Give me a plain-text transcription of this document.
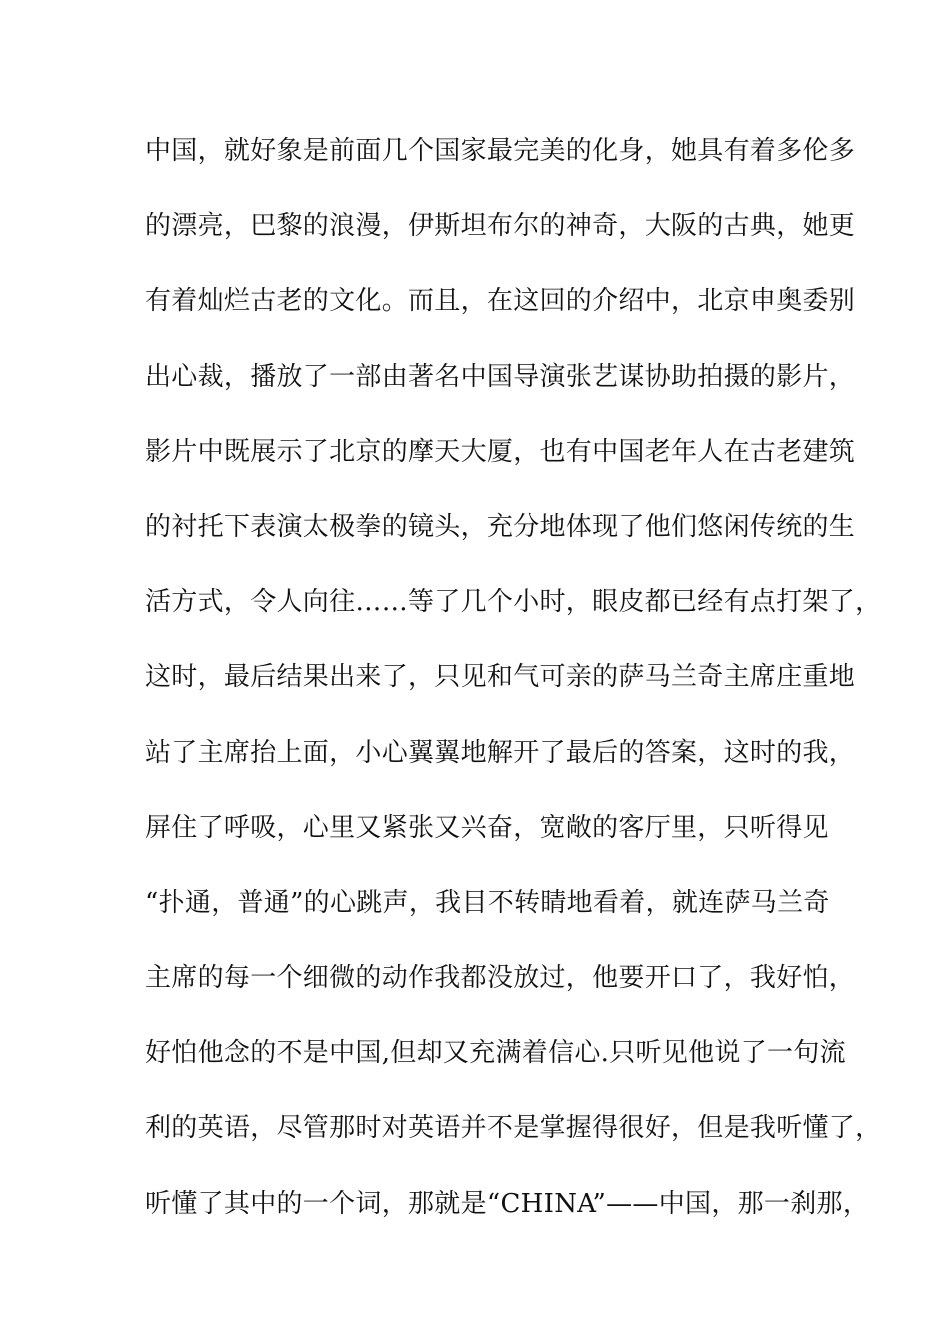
中国，就好象是前面几个国家最完美的化身，她具有着多伦多
的漂亮，巴黎的浪漫，伊斯坦布尔的神奇，大阪的古典，她更
有着灿烂古老的文化。而且，在这回的介绍中，北京申奥委别
出心裁，播放了一部由著名中国导演张艺谋协助拍摄的影片，
影片中既展示了北京的摩天大厦，也有中国老年人在古老建筑
的衬托下表演太极拳的镜头，充分地体现了他们悠闲传统的生
活方式，令人向往……等了几个小时，眼皮都已经有点打架了，
这时，最后结果出来了，只见和气可亲的萨马兰奇主席庄重地
站了主席抬上面，小心翼翼地解开了最后的答案，这时的我，
屏住了呼吸，心里又紧张又兴奋，宽敞的客厅里，只听得见
“扑通，普通”的心跳声，我目不转睛地看着，就连萨马兰奇
主席的每一个细微的动作我都没放过，他要开口了，我好怕，
好怕他念的不是中国,但却又充满着信心.只听见他说了一句流
利的英语，尽管那时对英语并不是掌握得很好，但是我听懂了，
听懂了其中的一个词，那就是“CHINA”——中国，那一刹那，
